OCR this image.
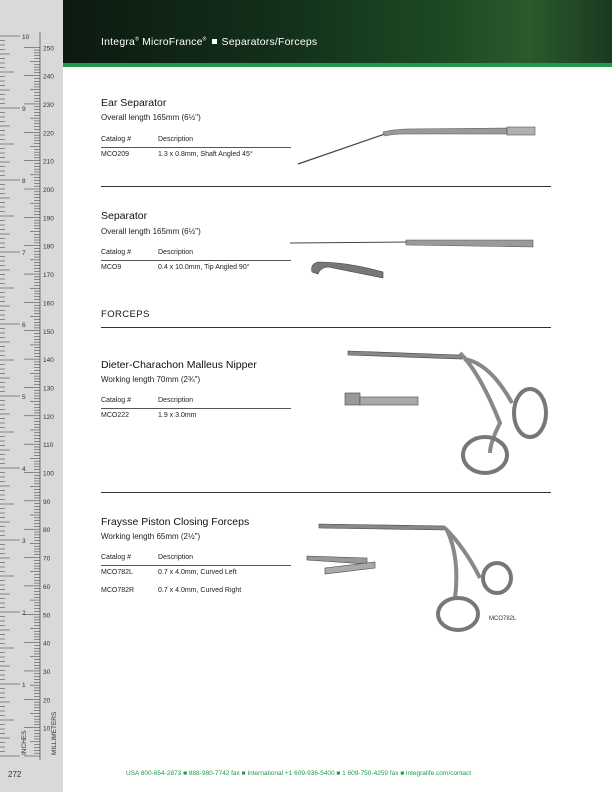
10
9
8
7
6
5
4
3
2
1
250
240
230
220
210
200
190
180
170
160
150
140
130
120
110
100
90
80
70
60
50
40
30
20
10
INCHES	MILLIMETERS
Integra® MicroFrance® Separators/Forceps
Ear Separator
Overall length 165mm (6½")
Catalog #	Description
MCO209	1.3 x 0.8mm, Shaft Angled 45°
Separator
Overall length 165mm (6½")
Catalog #	Description
MCO9	0.4 x 10.0mm, Tip Angled 90°
FORCEPS
Dieter-Charachon Malleus Nipper
Working length 70mm (2¾")
Catalog #	Description
MCO222	1.9 x 3.0mm
Fraysse Piston Closing Forceps
Working length 65mm (2½")
Catalog #	Description
MCO782L	0.7 x 4.0mm, Curved Left
MCO782R	0.7 x 4.0mm, Curved Right
MCO782L
272	USA 800-654-2873 ■ 888-980-7742 fax ■ International +1 609-936-5400 ■ 1 609-750-4259 fax ■ integralife.com/contact
